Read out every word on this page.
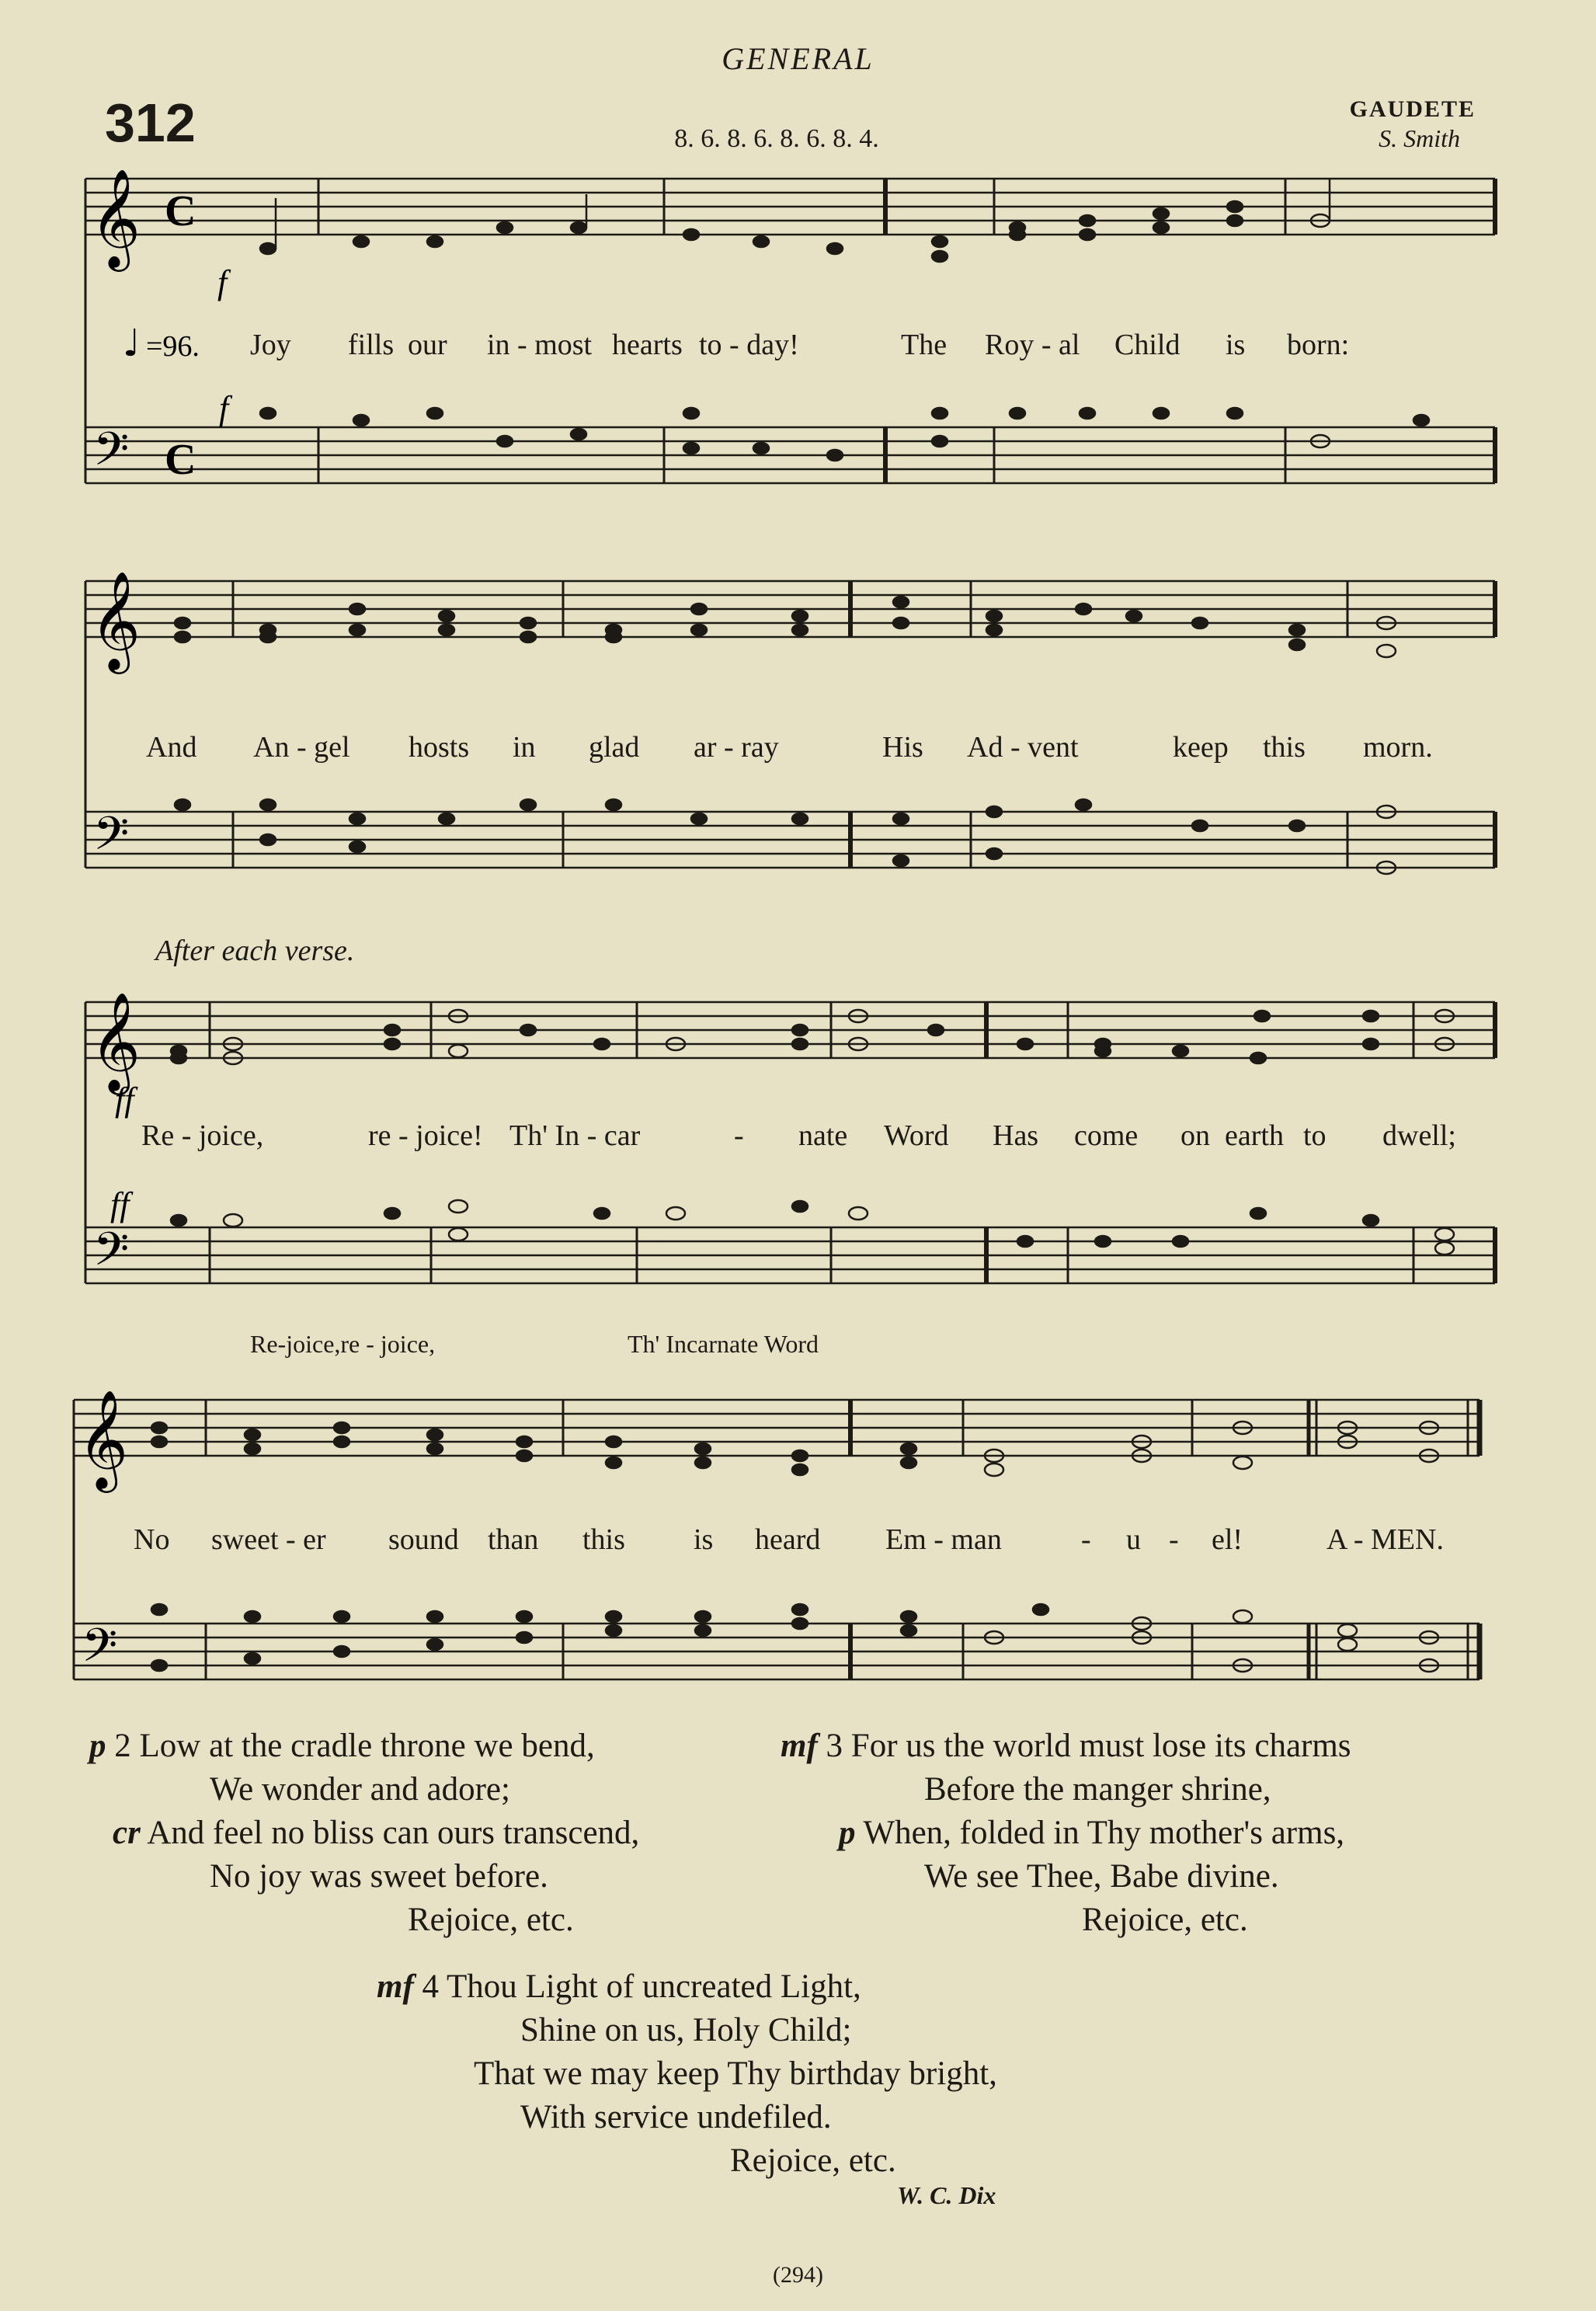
GENERAL
312	8. 6. 8. 6. 8. 6. 8. 4.
GAUDETE
S. Smith
𝄞 C
𝄢 C
f
f
♩ =96. Joy fills our in - most hearts to - day!	The Roy - al Child is born:
𝄞
𝄢
And An - gel hosts in glad ar - ray	His Ad - vent	keep this morn.
After each verse.
𝄞
𝄢
ff
ff
Re - joice,	re - joice! Th' In - car	- nate Word Has come on earth to dwell;
Re-joice,re - joice,	Th' Incarnate Word
𝄞
𝄢
No sweet - er sound than this is heard Em - man	- u - el!	A - MEN.
p 2 Low at the cradle throne we bend,
We wonder and adore;
cr And feel no bliss can ours transcend,
No joy was sweet before.
Rejoice, etc.
mf 3 For us the world must lose its charms
Before the manger shrine,
p When, folded in Thy mother's arms,
We see Thee, Babe divine.
Rejoice, etc.
mf 4 Thou Light of uncreated Light,
Shine on us, Holy Child;
That we may keep Thy birthday bright,
With service undefiled.
Rejoice, etc.
W. C. Dix
(294)
